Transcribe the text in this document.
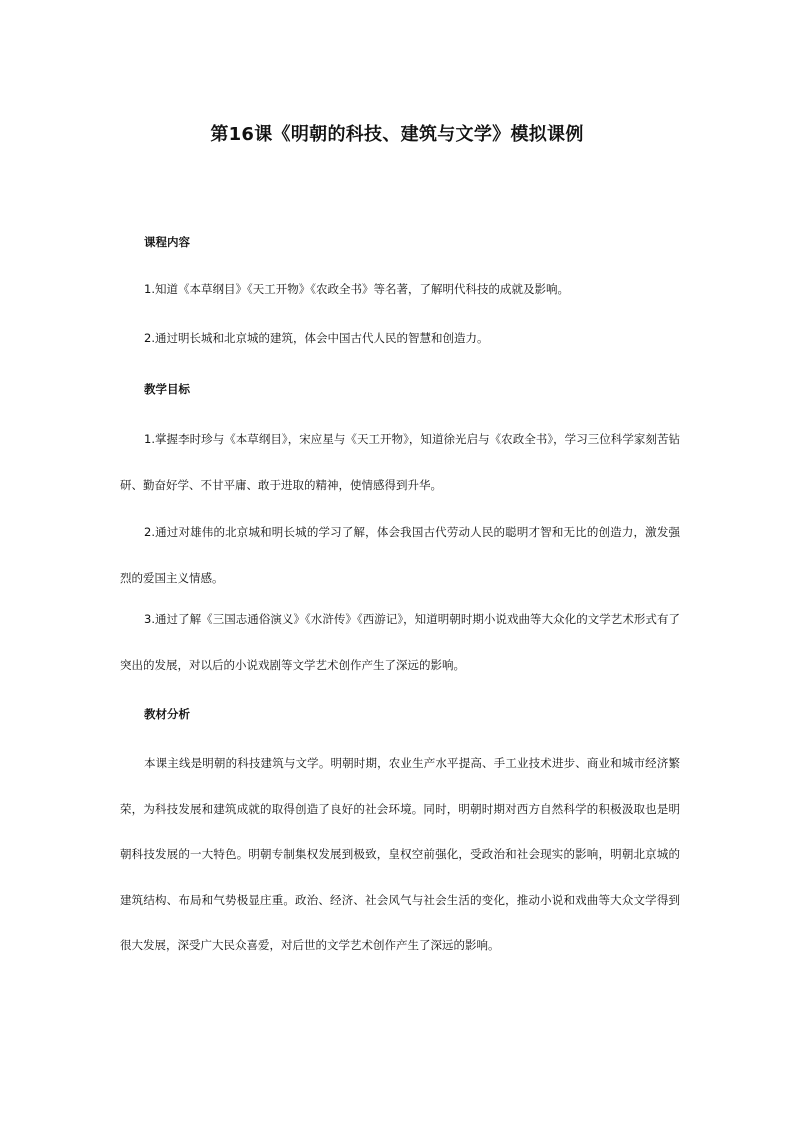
第16课《明朝的科技、建筑与文学》模拟课例
课程内容
1.知道《本草纲目》《天工开物》《农政全书》等名著，了解明代科技的成就及影响。
2.通过明长城和北京城的建筑，体会中国古代人民的智慧和创造力。
教学目标
1.掌握李时珍与《本草纲目》，宋应星与《天工开物》，知道徐光启与《农政全书》，学习三位科学家刻苦钻研、勤奋好学、不甘平庸、敢于进取的精神，使情感得到升华。
2.通过对雄伟的北京城和明长城的学习了解，体会我国古代劳动人民的聪明才智和无比的创造力，激发强烈的爱国主义情感。
3.通过了解《三国志通俗演义》《水浒传》《西游记》，知道明朝时期小说戏曲等大众化的文学艺术形式有了突出的发展，对以后的小说戏剧等文学艺术创作产生了深远的影响。
教材分析
本课主线是明朝的科技建筑与文学。明朝时期，农业生产水平提高、手工业技术进步、商业和城市经济繁荣，为科技发展和建筑成就的取得创造了良好的社会环境。同时，明朝时期对西方自然科学的积极汲取也是明朝科技发展的一大特色。明朝专制集权发展到极致，皇权空前强化，受政治和社会现实的影响，明朝北京城的建筑结构、布局和气势极显庄重。政治、经济、社会风气与社会生活的变化，推动小说和戏曲等大众文学得到很大发展，深受广大民众喜爱，对后世的文学艺术创作产生了深远的影响。
